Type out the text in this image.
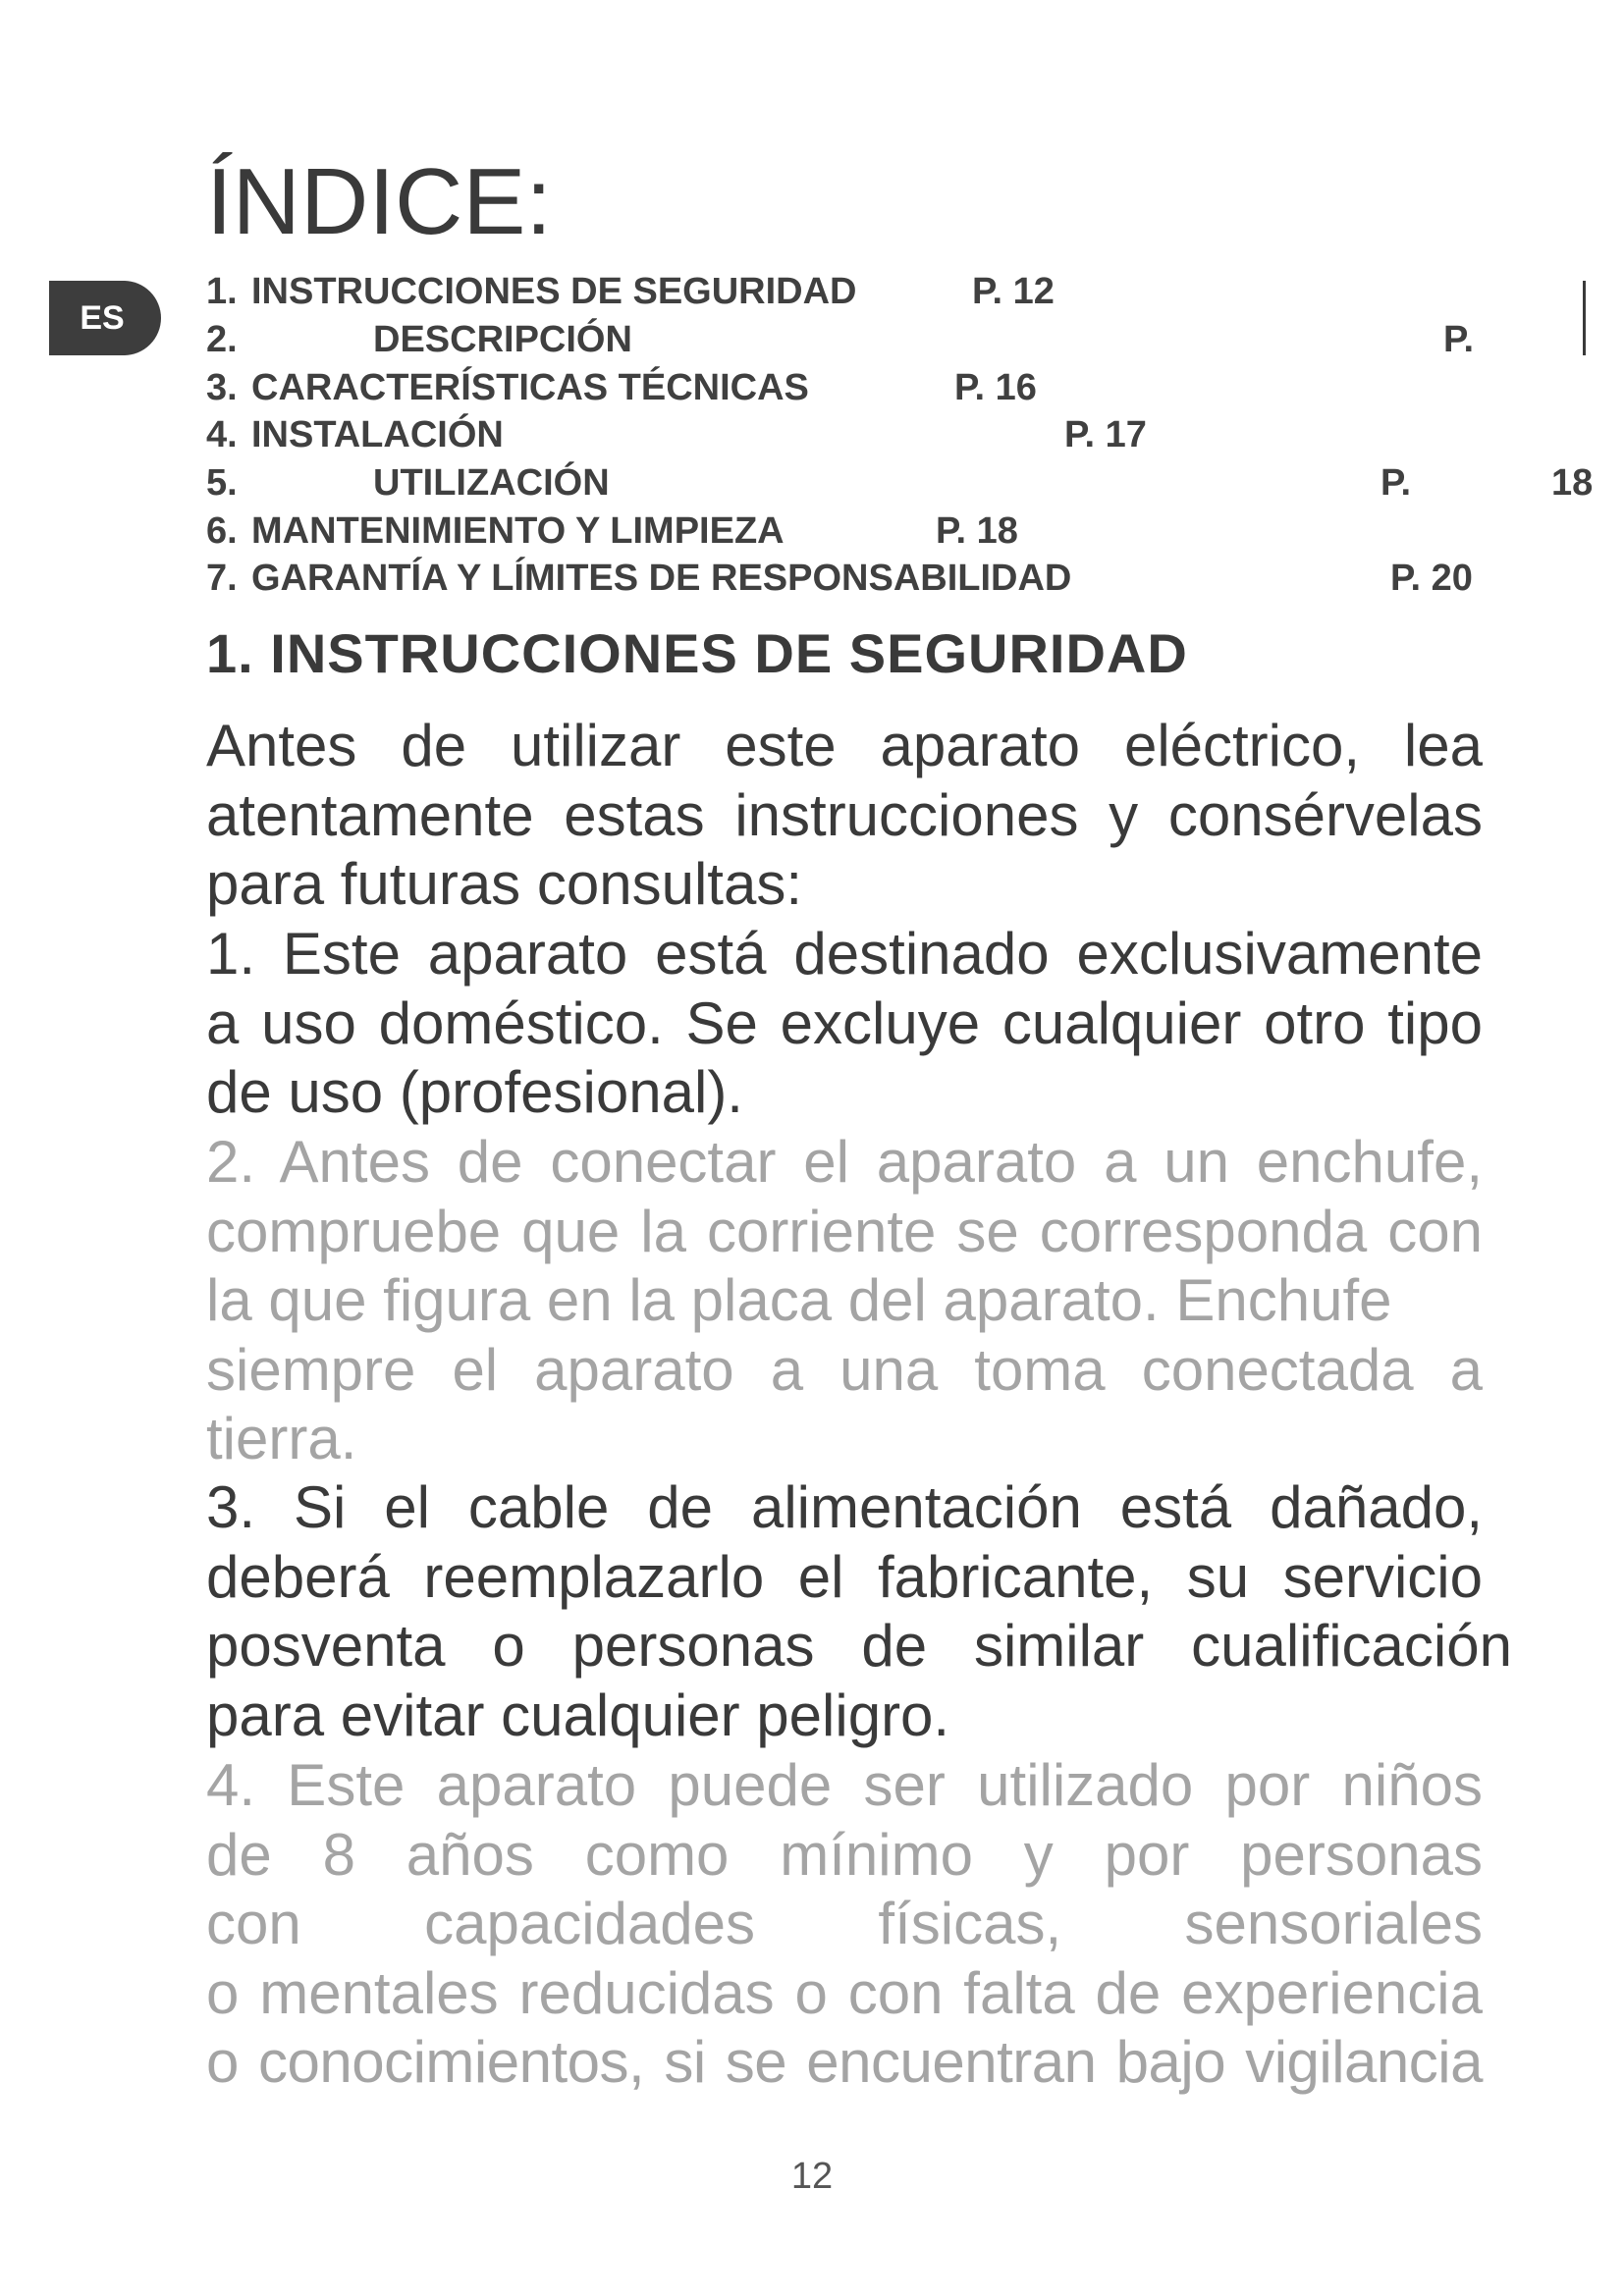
ÍNDICE:
ES
1. INSTRUCCIONES DE SEGURIDAD	P. 12
2.	DESCRIPCIÓN	P.
3. CARACTERÍSTICAS TÉCNICAS	P. 16
4. INSTALACIÓN	P. 17
5.	UTILIZACIÓN	P.	18
6. MANTENIMIENTO Y LIMPIEZA	P. 18
7. GARANTÍA Y LÍMITES DE RESPONSABILIDAD	P. 20
1. INSTRUCCIONES DE SEGURIDAD
Antes de utilizar este aparato eléctrico, lea
atentamente estas instrucciones y consérvelas
para futuras consultas:
1. Este aparato está destinado exclusivamente
a uso doméstico. Se excluye cualquier otro tipo
de uso (profesional).
2. Antes de conectar el aparato a un enchufe,
compruebe que la corriente se corresponda con
la que figura en la placa del aparato. Enchufe
siempre el aparato a una toma conectada a
tierra.
3. Si el cable de alimentación está dañado,
deberá reemplazarlo el fabricante, su servicio
posventa o personas de similar cualificación
para evitar cualquier peligro.
4. Este aparato puede ser utilizado por niños
de 8 años como mínimo y por personas
con capacidades físicas, sensoriales
o mentales reducidas o con falta de experiencia
o conocimientos, si se encuentran bajo vigilancia
12
